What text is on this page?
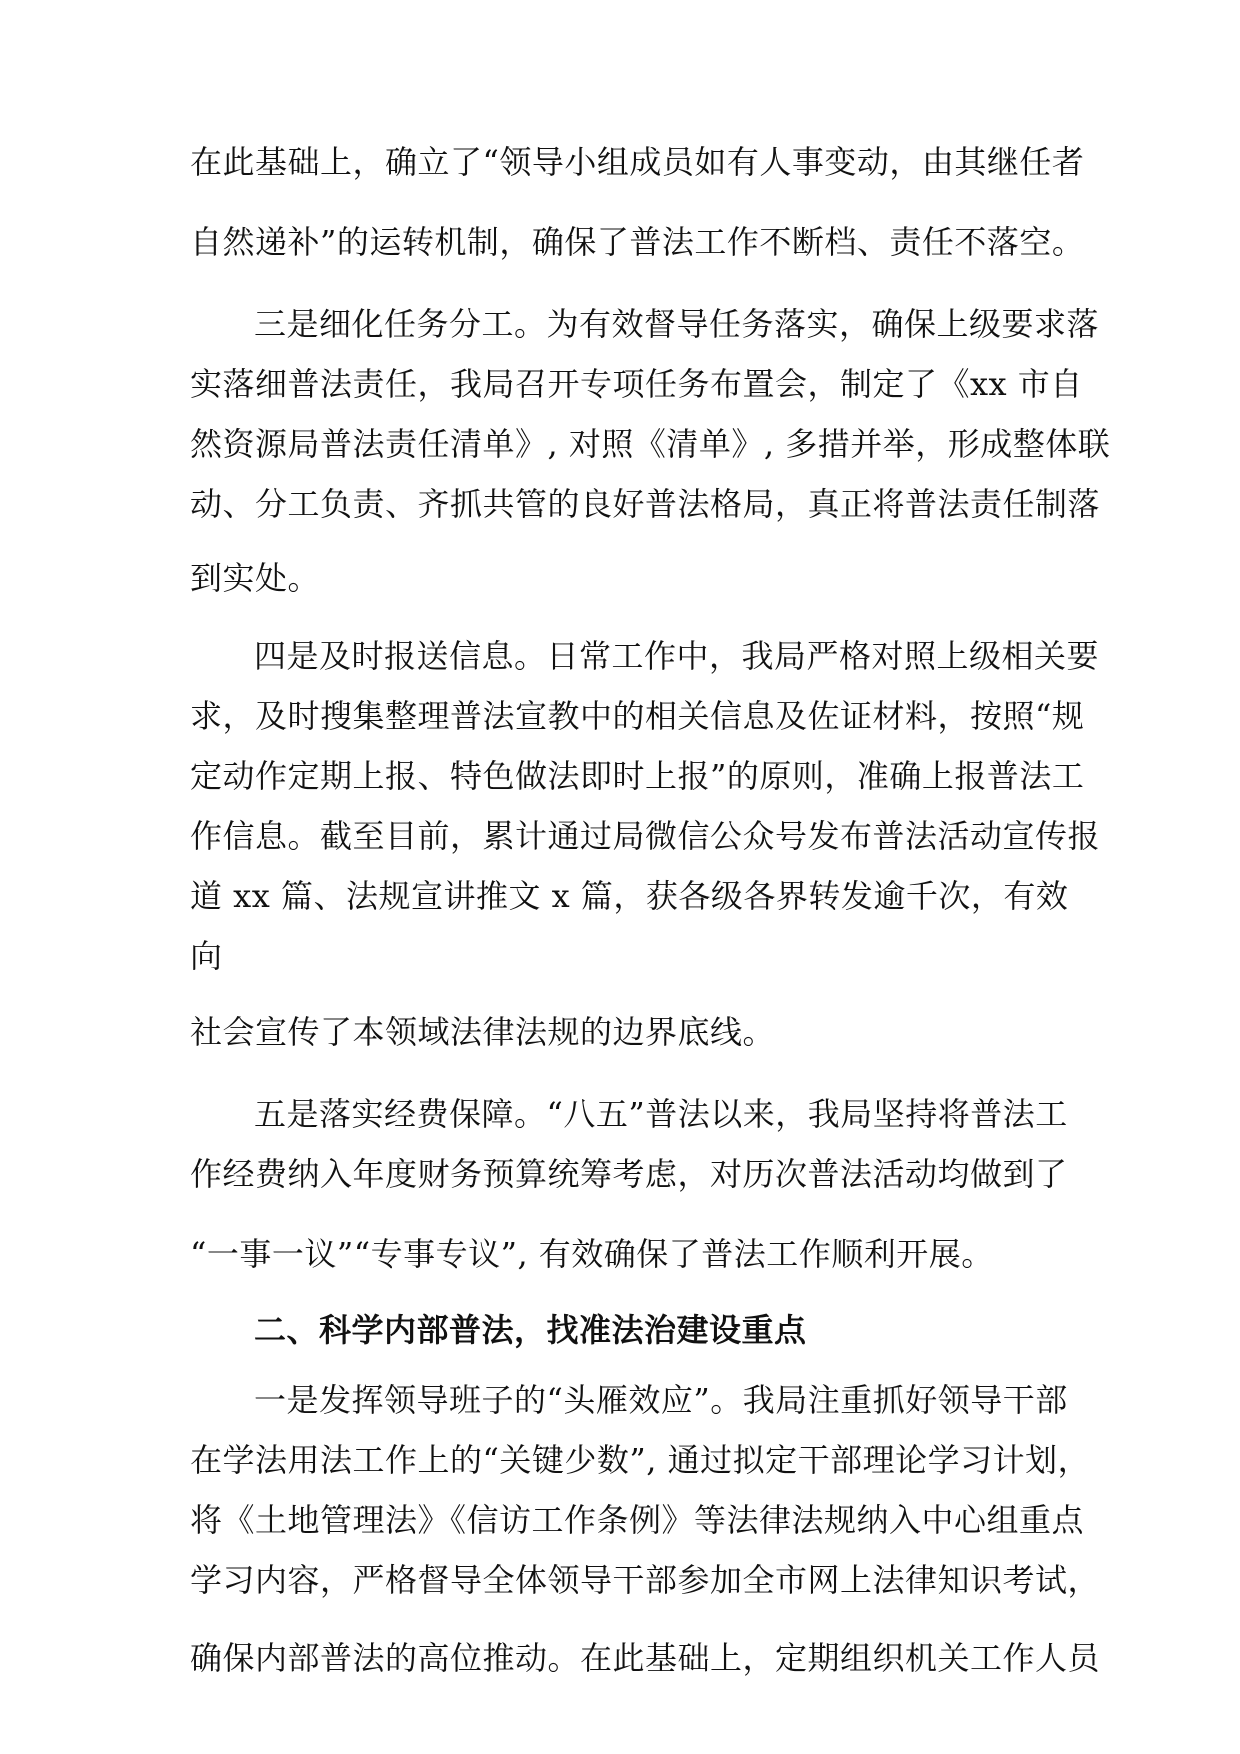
在此基础上，确立了“领导小组成员如有人事变动，由其继任者
自然递补”的运转机制，确保了普法工作不断档、责任不落空。
三是细化任务分工。为有效督导任务落实，确保上级要求落
实落细普法责任，我局召开专项任务布置会，制定了《xx 市自
然资源局普法责任清单》, 对照《清单》, 多措并举，形成整体联
动、分工负责、齐抓共管的良好普法格局，真正将普法责任制落
到实处。
四是及时报送信息。日常工作中，我局严格对照上级相关要
求，及时搜集整理普法宣教中的相关信息及佐证材料，按照“规
定动作定期上报、特色做法即时上报”的原则，准确上报普法工
作信息。截至目前，累计通过局微信公众号发布普法活动宣传报
道 xx 篇、法规宣讲推文 x 篇，获各级各界转发逾千次，有效
向
社会宣传了本领域法律法规的边界底线。
五是落实经费保障。“八五”普法以来，我局坚持将普法工
作经费纳入年度财务预算统筹考虑，对历次普法活动均做到了
“一事一议”“专事专议”, 有效确保了普法工作顺利开展。
二、科学内部普法，找准法治建设重点
一是发挥领导班子的“头雁效应”。我局注重抓好领导干部
在学法用法工作上的“关键少数”, 通过拟定干部理论学习计划，
将《土地管理法》《信访工作条例》等法律法规纳入中心组重点
学习内容，严格督导全体领导干部参加全市网上法律知识考试，
确保内部普法的高位推动。在此基础上，定期组织机关工作人员
